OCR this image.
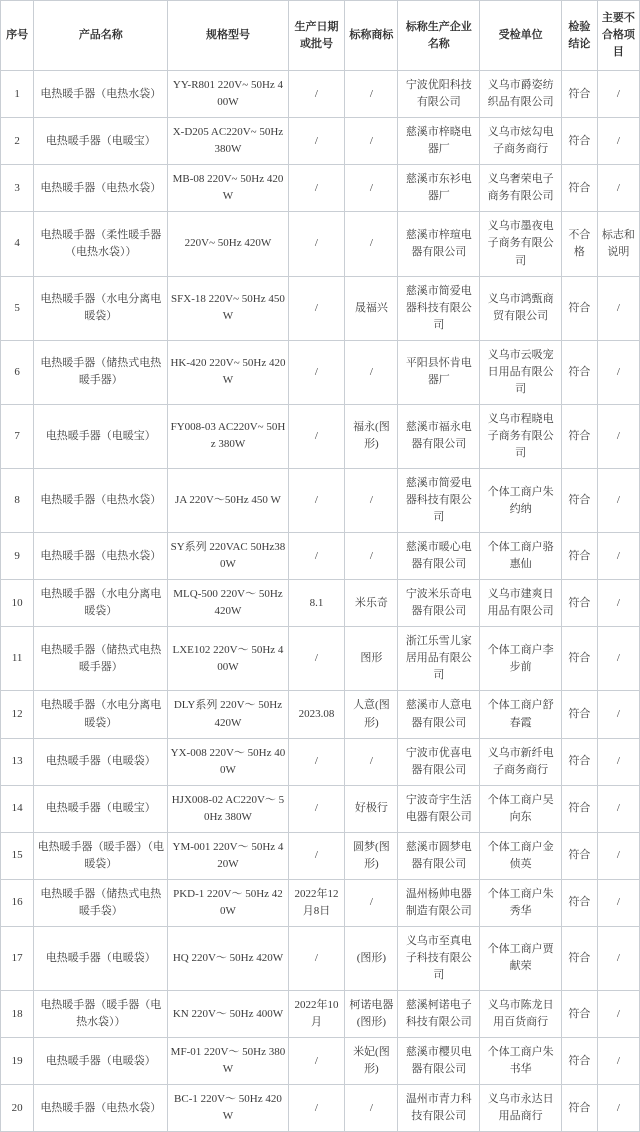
序号	产品名称	规格型号	生产日期或批号	标称商标	标称生产企业名称	受检单位	检验结论	主要不合格项目
1	电热暖手器（电热水袋）	YY-R801 220V~ 50Hz 400W	/	/	宁波优阳科技有限公司	义乌市爵姿纺织品有限公司	符合	/
2	电热暖手器（电暖宝）	X-D205 AC220V~ 50Hz 380W	/	/	慈溪市梓晓电器厂	义乌市炫勾电子商务商行	符合	/
3	电热暖手器（电热水袋）	MB-08 220V~ 50Hz 420W	/	/	慈溪市东衫电器厂	义乌奢荣电子商务有限公司	符合	/
4	电热暖手器（柔性暖手器（电热水袋））	220V~ 50Hz 420W	/	/	慈溪市梓瑄电器有限公司	义乌市墨夜电子商务有限公司	不合格	标志和说明
5	电热暖手器（水电分离电暖袋）	SFX-18 220V~ 50Hz 450W	/	晟福兴	慈溪市简爱电器科技有限公司	义乌市鸿甄商贸有限公司	符合	/
6	电热暖手器（储热式电热暖手器）	HK-420 220V~ 50Hz 420W	/	/	平阳县怀肯电器厂	义乌市云吸宠日用品有限公司	符合	/
7	电热暖手器（电暖宝）	FY008-03 AC220V~ 50Hz 380W	/	福永(图形)	慈溪市福永电器有限公司	义乌市程晓电子商务有限公司	符合	/
8	电热暖手器（电热水袋）	JA 220V～50Hz 450 W	/	/	慈溪市简爱电器科技有限公司	个体工商户朱约纳	符合	/
9	电热暖手器（电热水袋）	SY系列 220VAC 50Hz380W	/	/	慈溪市暖心电器有限公司	个体工商户骆惠仙	符合	/
10	电热暖手器（水电分离电暖袋）	MLQ-500 220V～ 50Hz 420W	8.1	米乐奇	宁波米乐奇电器有限公司	义乌市建爽日用品有限公司	符合	/
11	电热暖手器（储热式电热暖手器）	LXE102 220V～ 50Hz 400W	/	图形	浙江乐雪儿家居用品有限公司	个体工商户李步前	符合	/
12	电热暖手器（水电分离电暖袋）	DLY系列 220V～ 50Hz 420W	2023.08	人意(图形)	慈溪市人意电器有限公司	个体工商户舒春霞	符合	/
13	电热暖手器（电暖袋）	YX-008 220V～ 50Hz 400W	/	/	宁波市优喜电器有限公司	义乌市新纤电子商务商行	符合	/
14	电热暖手器（电暖宝）	HJX008-02 AC220V～ 50Hz 380W	/	好极行	宁波奇宇生活电器有限公司	个体工商户吴向东	符合	/
15	电热暖手器（暖手器）（电暖袋）	YM-001 220V～ 50Hz 420W	/	圆梦(图形)	慈溪市圆梦电器有限公司	个体工商户金侦英	符合	/
16	电热暖手器（储热式电热暖手袋）	PKD-1 220V～ 50Hz 420W	2022年12月8日	/	温州杨帅电器制造有限公司	个体工商户朱秀华	符合	/
17	电热暖手器（电暖袋）	HQ 220V～ 50Hz 420W	/	(图形)	义乌市至真电子科技有限公司	个体工商户贾献荣	符合	/
18	电热暖手器（暖手器（电热水袋））	KN 220V～ 50Hz 400W	2022年10月	柯诺电器(图形)	慈溪柯诺电子科技有限公司	义乌市陈龙日用百货商行	符合	/
19	电热暖手器（电暖袋）	MF-01 220V～ 50Hz 380W	/	米妃(图形)	慈溪市樱贝电器有限公司	个体工商户朱书华	符合	/
20	电热暖手器（电热水袋）	BC-1 220V～ 50Hz 420W	/	/	温州市青力科技有限公司	义乌市永达日用品商行	符合	/
